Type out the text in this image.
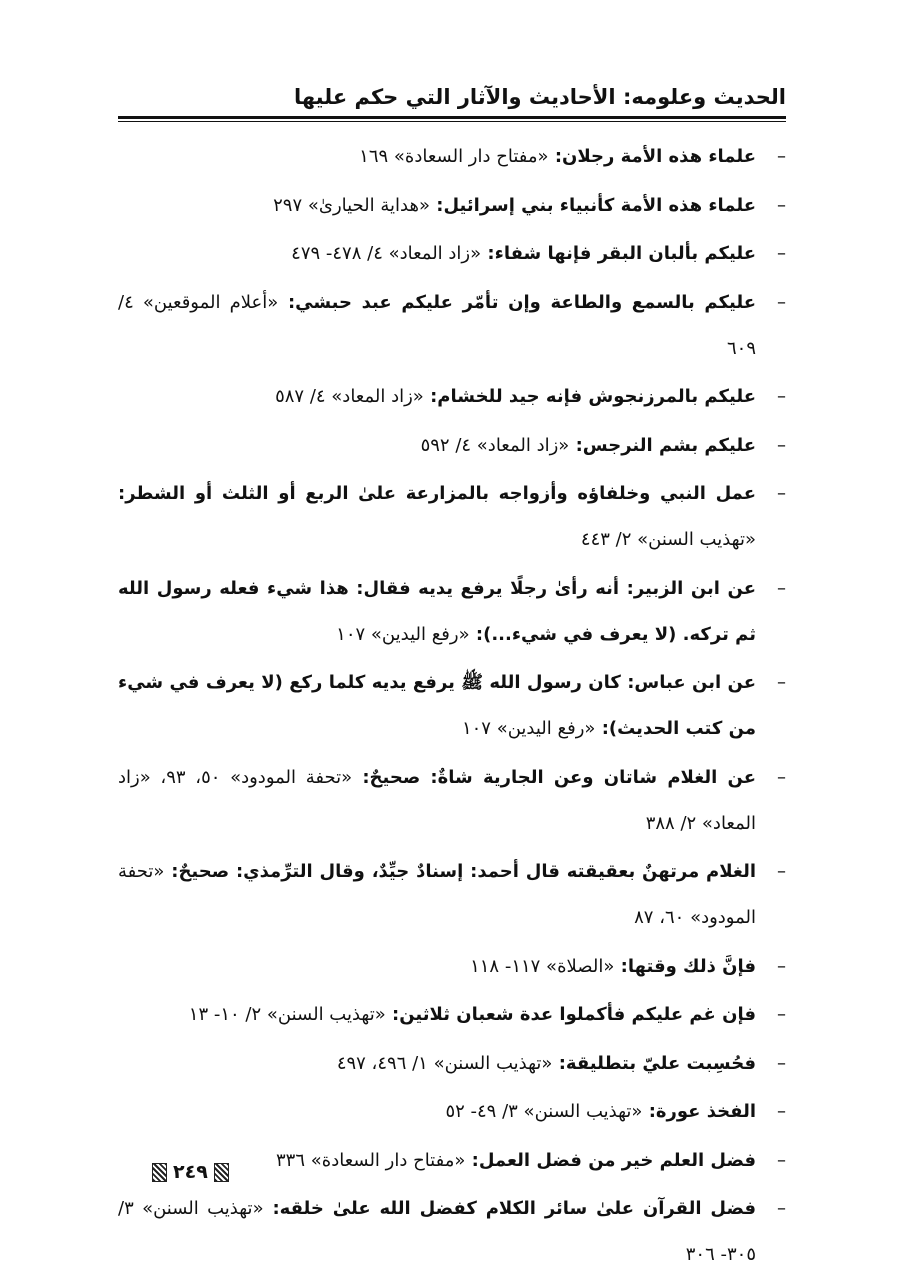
الحديث وعلومه: الأحاديث والآثار التي حكم عليها
–
علماء هذه الأمة رجلان: «مفتاح دار السعادة» ١٦٩
–
علماء هذه الأمة كأنبياء بني إسرائيل: «هداية الحيارىٰ» ٢٩٧
–
عليكم بألبان البقر فإنها شفاء: «زاد المعاد» ٤/ ٤٧٨- ٤٧٩
–
عليكم بالسمع والطاعة وإن تأمّر عليكم عبد حبشي: «أعلام الموقعين» ٤/ ٦٠٩
–
عليكم بالمرزنجوش فإنه جيد للخشام: «زاد المعاد» ٤/ ٥٨٧
–
عليكم بشم النرجس: «زاد المعاد» ٤/ ٥٩٢
–
عمل النبي وخلفاؤه وأزواجه بالمزارعة علىٰ الربع أو الثلث أو الشطر: «تهذيب السنن» ٢/ ٤٤٣
–
عن ابن الزبير: أنه رأىٰ رجلًا يرفع يديه فقال: هذا شيء فعله رسول الله ثم تركه. (لا يعرف في شيء...): «رفع اليدين» ١٠٧
–
عن ابن عباس: كان رسول الله ﷺ يرفع يديه كلما ركع (لا يعرف في شيء من كتب الحديث): «رفع اليدين» ١٠٧
–
عن الغلام شاتان وعن الجارية شاةٌ: صحيحٌ: «تحفة المودود» ٥٠، ٩٣، «زاد المعاد» ٢/ ٣٨٨
–
الغلام مرتهنٌ بعقيقته قال أحمد: إسنادٌ جيِّدٌ، وقال الترِّمذي: صحيحٌ: «تحفة المودود» ٦٠، ٨٧
–
فإنَّ ذلك وقتها: «الصلاة» ١١٧- ١١٨
–
فإن غم عليكم فأكملوا عدة شعبان ثلاثين: «تهذيب السنن» ٢/ ١٠- ١٣
–
فحُسِبت عليّ بتطليقة: «تهذيب السنن» ١/ ٤٩٦، ٤٩٧
–
الفخذ عورة: «تهذيب السنن» ٣/ ٤٩- ٥٢
–
فضل العلم خير من فضل العمل: «مفتاح دار السعادة» ٣٣٦
–
فضل القرآن علىٰ سائر الكلام كفضل الله علىٰ خلقه: «تهذيب السنن» ٣/ ٣٠٥- ٣٠٦
٢٤٩
